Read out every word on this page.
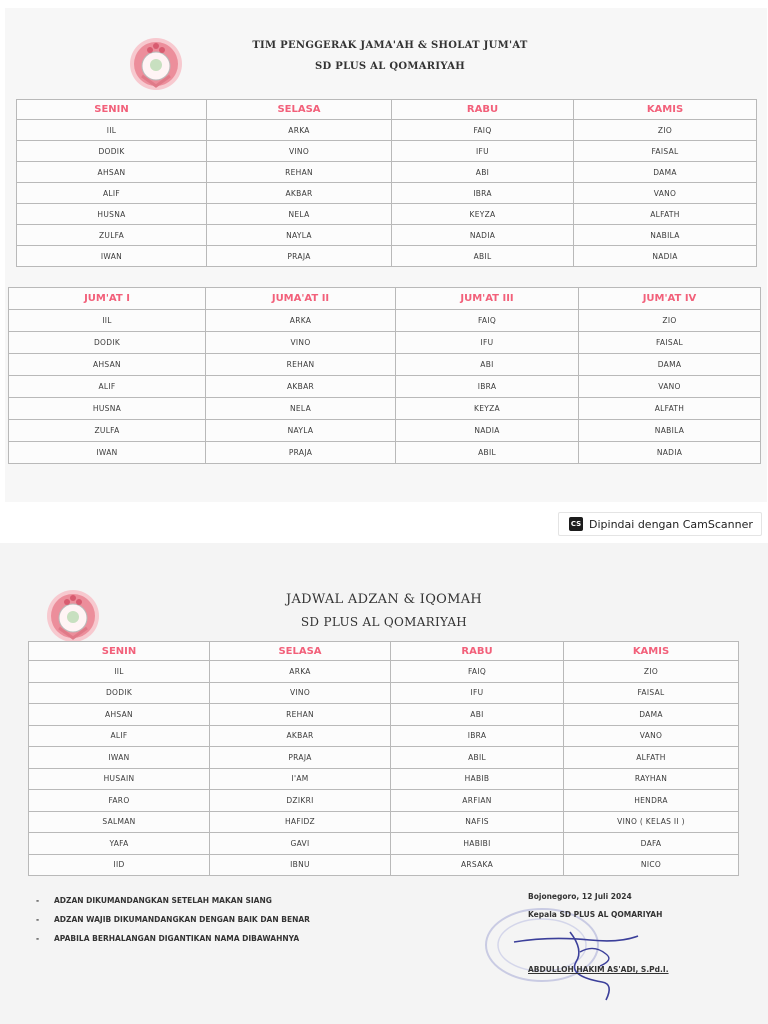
TIM PENGGERAK JAMA'AH & SHOLAT JUM'AT
SD PLUS AL QOMARIYAH
SENIN	SELASA	RABU	KAMIS
IIL	ARKA	FAIQ	ZIO
DODIK	VINO	IFU	FAISAL
AHSAN	REHAN	ABI	DAMA
ALIF	AKBAR	IBRA	VANO
HUSNA	NELA	KEYZA	ALFATH
ZULFA	NAYLA	NADIA	NABILA
IWAN	PRAJA	ABIL	NADIA
JUM'AT I	JUMA'AT II	JUM'AT III	JUM'AT IV
IIL	ARKA	FAIQ	ZIO
DODIK	VINO	IFU	FAISAL
AHSAN	REHAN	ABI	DAMA
ALIF	AKBAR	IBRA	VANO
HUSNA	NELA	KEYZA	ALFATH
ZULFA	NAYLA	NADIA	NABILA
IWAN	PRAJA	ABIL	NADIA
CS Dipindai dengan CamScanner
JADWAL ADZAN & IQOMAH
SD PLUS AL QOMARIYAH
SENIN	SELASA	RABU	KAMIS
IIL	ARKA	FAIQ	ZIO
DODIK	VINO	IFU	FAISAL
AHSAN	REHAN	ABI	DAMA
ALIF	AKBAR	IBRA	VANO
IWAN	PRAJA	ABIL	ALFATH
HUSAIN	I'AM	HABIB	RAYHAN
FARO	DZIKRI	ARFIAN	HENDRA
SALMAN	HAFIDZ	NAFIS	VINO ( KELAS II )
YAFA	GAVI	HABIBI	DAFA
IID	IBNU	ARSAKA	NICO
- ADZAN DIKUMANDANGKAN SETELAH MAKAN SIANG
- ADZAN WAJIB DIKUMANDANGKAN DENGAN BAIK DAN BENAR
- APABILA BERHALANGAN DIGANTIKAN NAMA DIBAWAHNYA
Bojonegoro, 12 Juli 2024
Kepala SD PLUS AL QOMARIYAH
ABDULLOH HAKIM AS'ADI, S.Pd.I.
